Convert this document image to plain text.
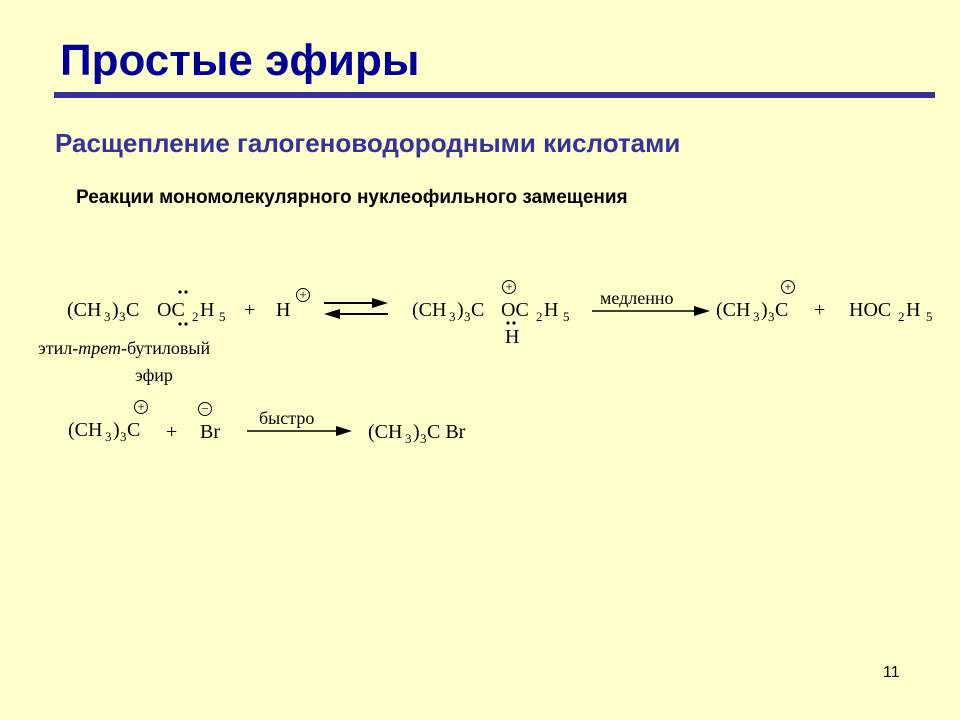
Простые эфиры
Расщепление галогеноводородными кислотами
Реакции мономолекулярного нуклеофильного замещения
(CH 3 ) 3 C OC 2 H 5 + H
+
(CH 3 ) 3 C OC 2 H 5
+
H
медленно
(CH 3 ) 3 C
+
+ HOC 2 H 5
этил-трет-бутиловый
эфир
(CH 3 ) 3 C
+
+ Br
−	быстро
(CH 3 ) 3 C Br
11
